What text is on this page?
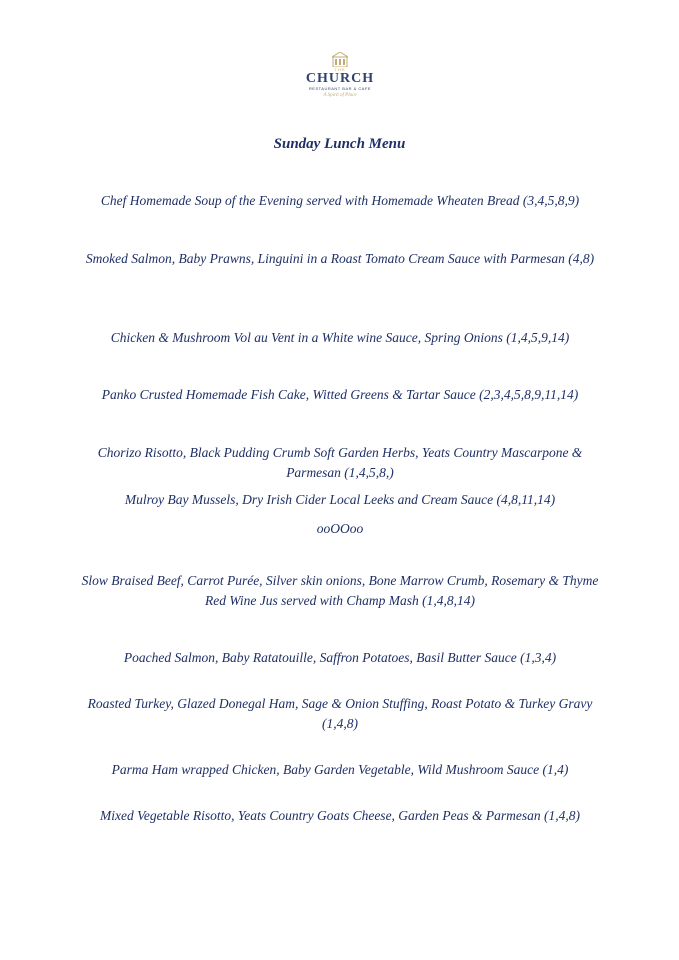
THE
CHURCH
RESTAURANT BAR & CAFE
A Spirit of Place
Sunday Lunch Menu
Chef Homemade Soup of the Evening served with Homemade Wheaten Bread (3,4,5,8,9)
Smoked Salmon, Baby Prawns, Linguini in a Roast Tomato Cream Sauce with Parmesan (4,8)
Chicken & Mushroom Vol au Vent in a White wine Sauce, Spring Onions (1,4,5,9,14)
Panko Crusted Homemade Fish Cake, Witted Greens & Tartar Sauce (2,3,4,5,8,9,11,14)
Chorizo Risotto, Black Pudding Crumb Soft Garden Herbs, Yeats Country Mascarpone & Parmesan (1,4,5,8,)
Mulroy Bay Mussels, Dry Irish Cider Local Leeks and Cream Sauce (4,8,11,14)
ooOOoo
Slow Braised Beef, Carrot Purée, Silver skin onions, Bone Marrow Crumb, Rosemary & Thyme Red Wine Jus served with Champ Mash (1,4,8,14)
Poached Salmon, Baby Ratatouille, Saffron Potatoes, Basil Butter Sauce (1,3,4)
Roasted Turkey, Glazed Donegal Ham, Sage & Onion Stuffing, Roast Potato & Turkey Gravy (1,4,8)
Parma Ham wrapped Chicken, Baby Garden Vegetable, Wild Mushroom Sauce (1,4)
Mixed Vegetable Risotto, Yeats Country Goats Cheese, Garden Peas & Parmesan (1,4,8)
